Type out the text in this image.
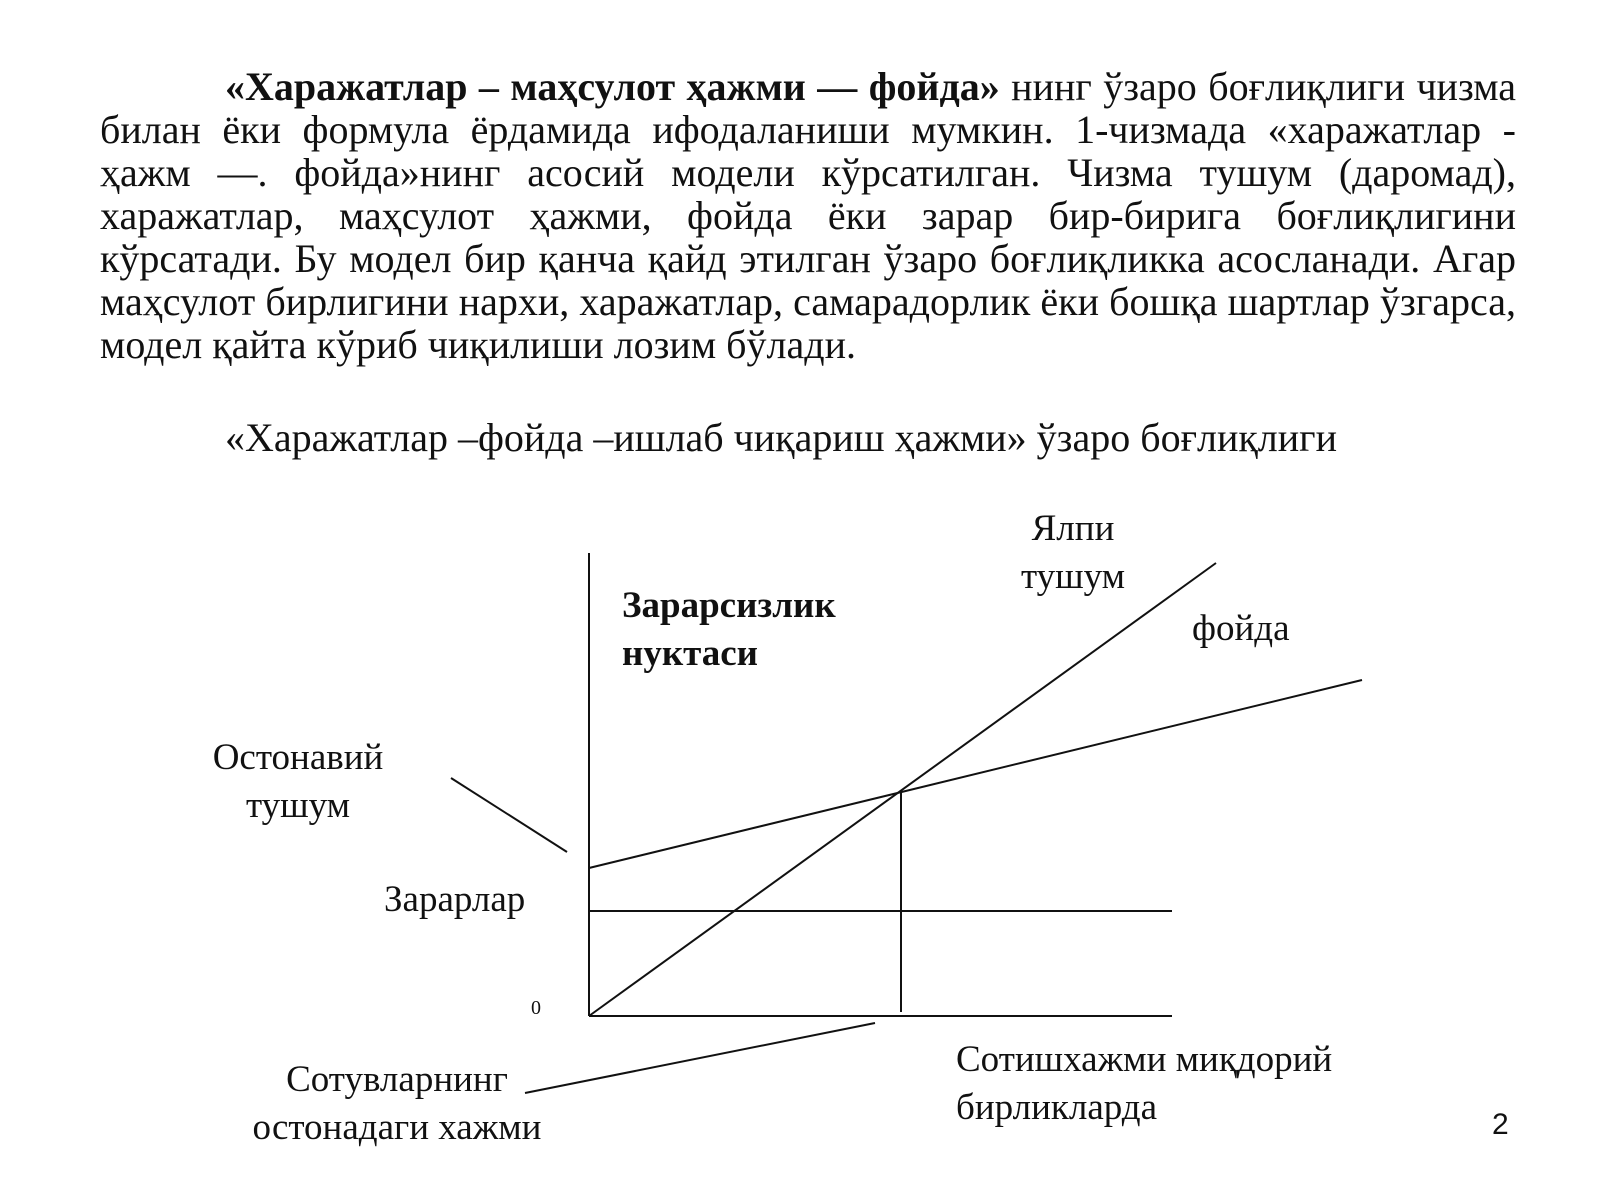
«Харажатлар – маҳсулот ҳажми — фойда» нинг ўзаро боғлиқлиги чизма билан ёки формула ёрдамида ифодаланиши мумкин. 1-чизмада «харажатлар - ҳажм —. фойда»нинг асосий модели кўрсатилган. Чизма тушум (даромад), харажатлар, маҳсулот ҳажми, фойда ёки зарар бир-бирига боғлиқлигини кўрсатади. Бу модел бир қанча қайд этилган ўзаро боғлиқликка асосланади. Агар маҳсулот бирлигини нархи, харажатлар, самарадорлик ёки бошқа шартлар ўзгарса, модел қайта кўриб чиқилиши лозим бўлади.

«Харажатлар –фойда –ишлаб чиқариш ҳажми» ўзаро боғлиқлиги

Ялпи
тушум
фойда
Зарарсизлик
нуктаси
Остонавий
тушум
Зарарлар
0
Сотувларнинг
остонадаги хажми
Сотишхажми миқдорий
бирликларда	2
